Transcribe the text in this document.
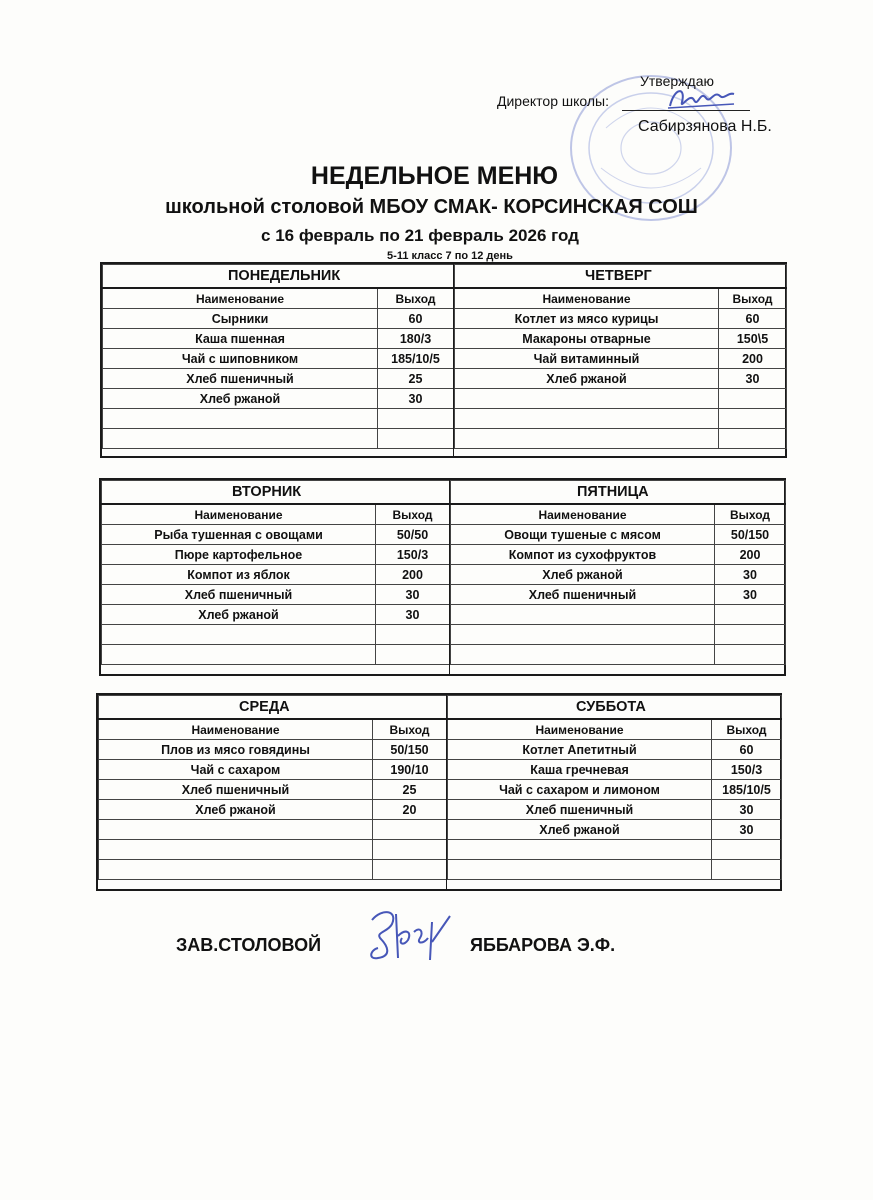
Утверждаю
Директор школы:
Сабирзянова Н.Б.
НЕДЕЛЬНОЕ МЕНЮ
школьной столовой МБОУ СМАК- КОРСИНСКАЯ СОШ
с 16 февраль по 21 февраль 2026 год
5-11 класс 7 по 12 день
ПОНЕДЕЛЬНИК	
Наименование	Выход
Сырники	60
Каша пшенная	180/3
Чай с шиповником	185/10/5
Хлеб пшеничный	25
Хлеб ржаной	30

ЧЕТВЕРГ	
Наименование	Выход
Котлет из мясо курицы	60
Макароны отварные	150\5
Чай витаминный	200
Хлеб ржаной	30

ВТОРНИК	
Наименование	Выход
Рыба тушенная с овощами	50/50
Пюре картофельное	150/3
Компот из яблок	200
Хлеб пшеничный	30
Хлеб ржаной	30

ПЯТНИЦА	
Наименование	Выход
Овощи тушеные с мясом	50/150
Компот из сухофруктов	200
Хлеб ржаной	30
Хлеб пшеничный	30

СРЕДА	
Наименование	Выход
Плов из мясо говядины	50/150
Чай с сахаром	190/10
Хлеб пшеничный	25
Хлеб ржаной	20

СУББОТА	
Наименование	Выход
Котлет Апетитный	60
Каша гречневая	150/3
Чай с сахаром и лимоном	185/10/5
Хлеб пшеничный	30
Хлеб ржаной	30

ЗАВ.СТОЛОВОЙ	ЯББАРОВА Э.Ф.
